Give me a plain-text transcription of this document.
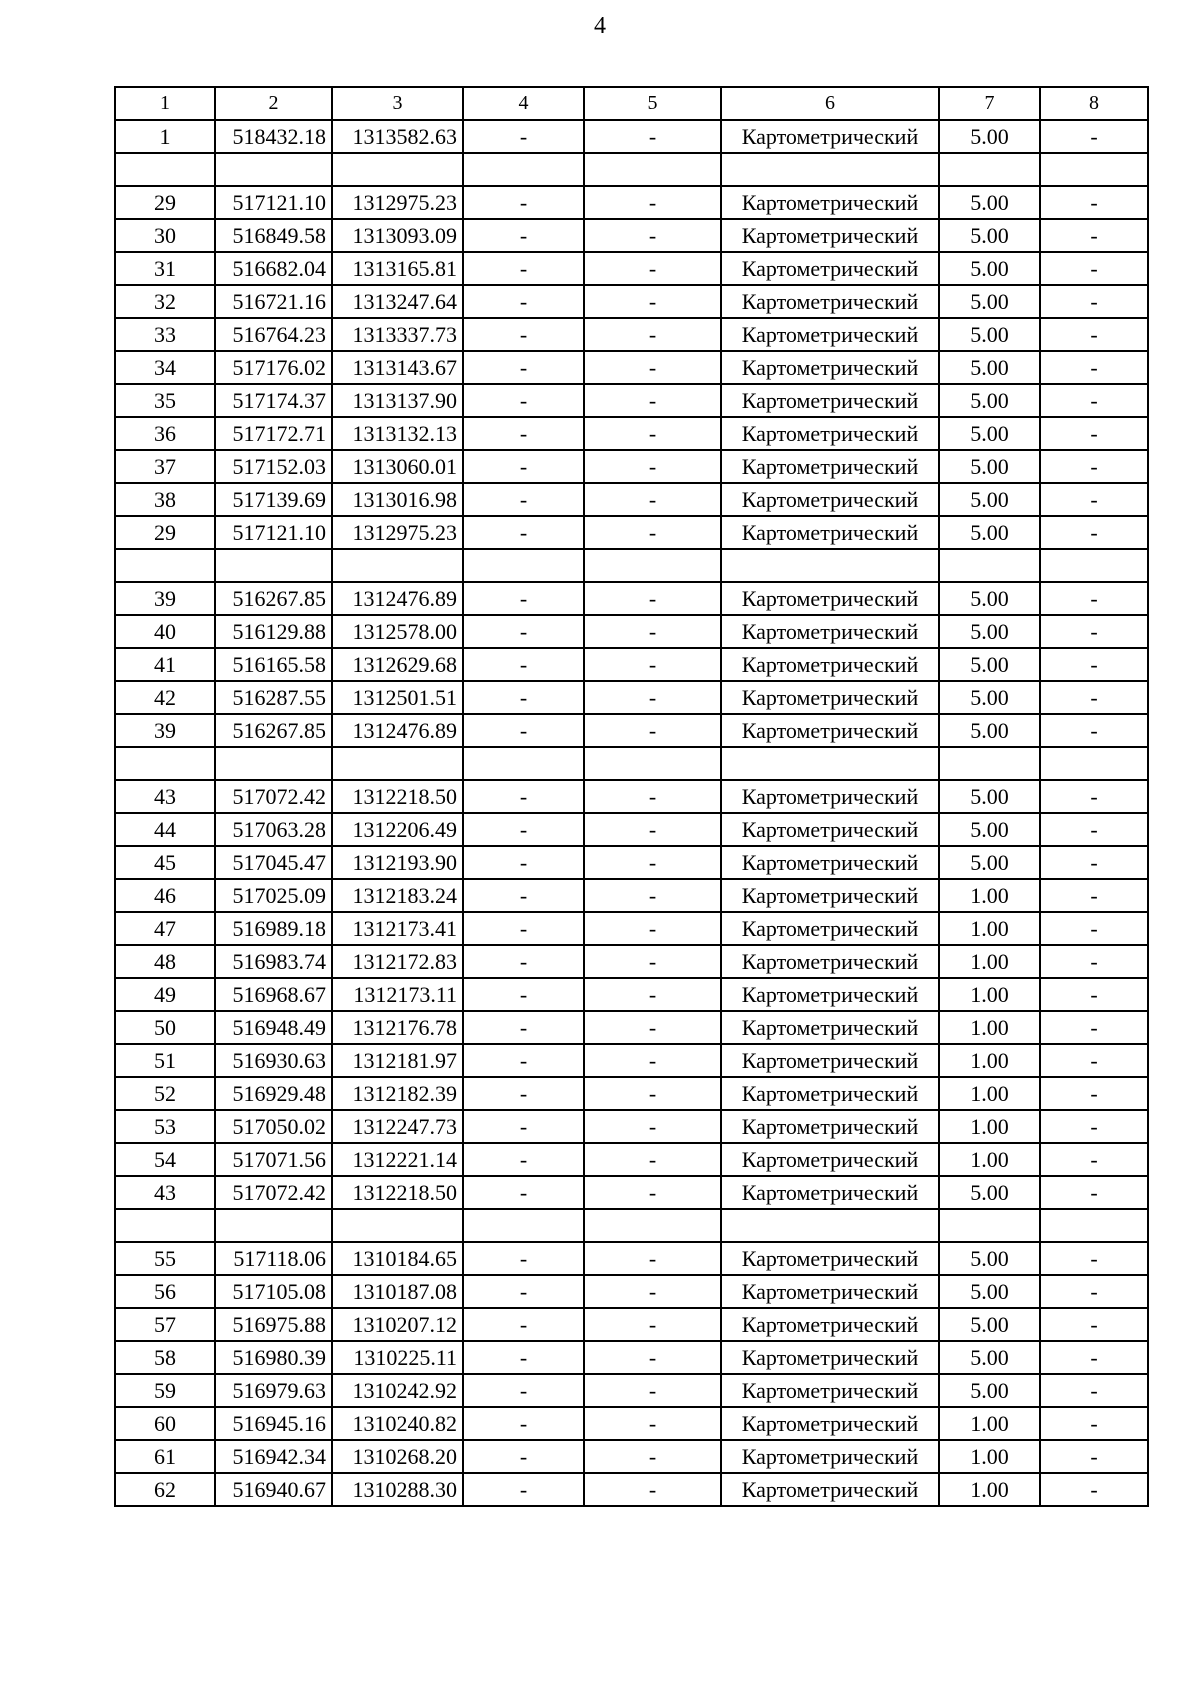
4
1	2	3	4	5	6	7	8
1	518432.18	1313582.63	-	-	Картометрический	5.00	-

29	517121.10	1312975.23	-	-	Картометрический	5.00	-
30	516849.58	1313093.09	-	-	Картометрический	5.00	-
31	516682.04	1313165.81	-	-	Картометрический	5.00	-
32	516721.16	1313247.64	-	-	Картометрический	5.00	-
33	516764.23	1313337.73	-	-	Картометрический	5.00	-
34	517176.02	1313143.67	-	-	Картометрический	5.00	-
35	517174.37	1313137.90	-	-	Картометрический	5.00	-
36	517172.71	1313132.13	-	-	Картометрический	5.00	-
37	517152.03	1313060.01	-	-	Картометрический	5.00	-
38	517139.69	1313016.98	-	-	Картометрический	5.00	-
29	517121.10	1312975.23	-	-	Картометрический	5.00	-

39	516267.85	1312476.89	-	-	Картометрический	5.00	-
40	516129.88	1312578.00	-	-	Картометрический	5.00	-
41	516165.58	1312629.68	-	-	Картометрический	5.00	-
42	516287.55	1312501.51	-	-	Картометрический	5.00	-
39	516267.85	1312476.89	-	-	Картометрический	5.00	-

43	517072.42	1312218.50	-	-	Картометрический	5.00	-
44	517063.28	1312206.49	-	-	Картометрический	5.00	-
45	517045.47	1312193.90	-	-	Картометрический	5.00	-
46	517025.09	1312183.24	-	-	Картометрический	1.00	-
47	516989.18	1312173.41	-	-	Картометрический	1.00	-
48	516983.74	1312172.83	-	-	Картометрический	1.00	-
49	516968.67	1312173.11	-	-	Картометрический	1.00	-
50	516948.49	1312176.78	-	-	Картометрический	1.00	-
51	516930.63	1312181.97	-	-	Картометрический	1.00	-
52	516929.48	1312182.39	-	-	Картометрический	1.00	-
53	517050.02	1312247.73	-	-	Картометрический	1.00	-
54	517071.56	1312221.14	-	-	Картометрический	1.00	-
43	517072.42	1312218.50	-	-	Картометрический	5.00	-

55	517118.06	1310184.65	-	-	Картометрический	5.00	-
56	517105.08	1310187.08	-	-	Картометрический	5.00	-
57	516975.88	1310207.12	-	-	Картометрический	5.00	-
58	516980.39	1310225.11	-	-	Картометрический	5.00	-
59	516979.63	1310242.92	-	-	Картометрический	5.00	-
60	516945.16	1310240.82	-	-	Картометрический	1.00	-
61	516942.34	1310268.20	-	-	Картометрический	1.00	-
62	516940.67	1310288.30	-	-	Картометрический	1.00	-
